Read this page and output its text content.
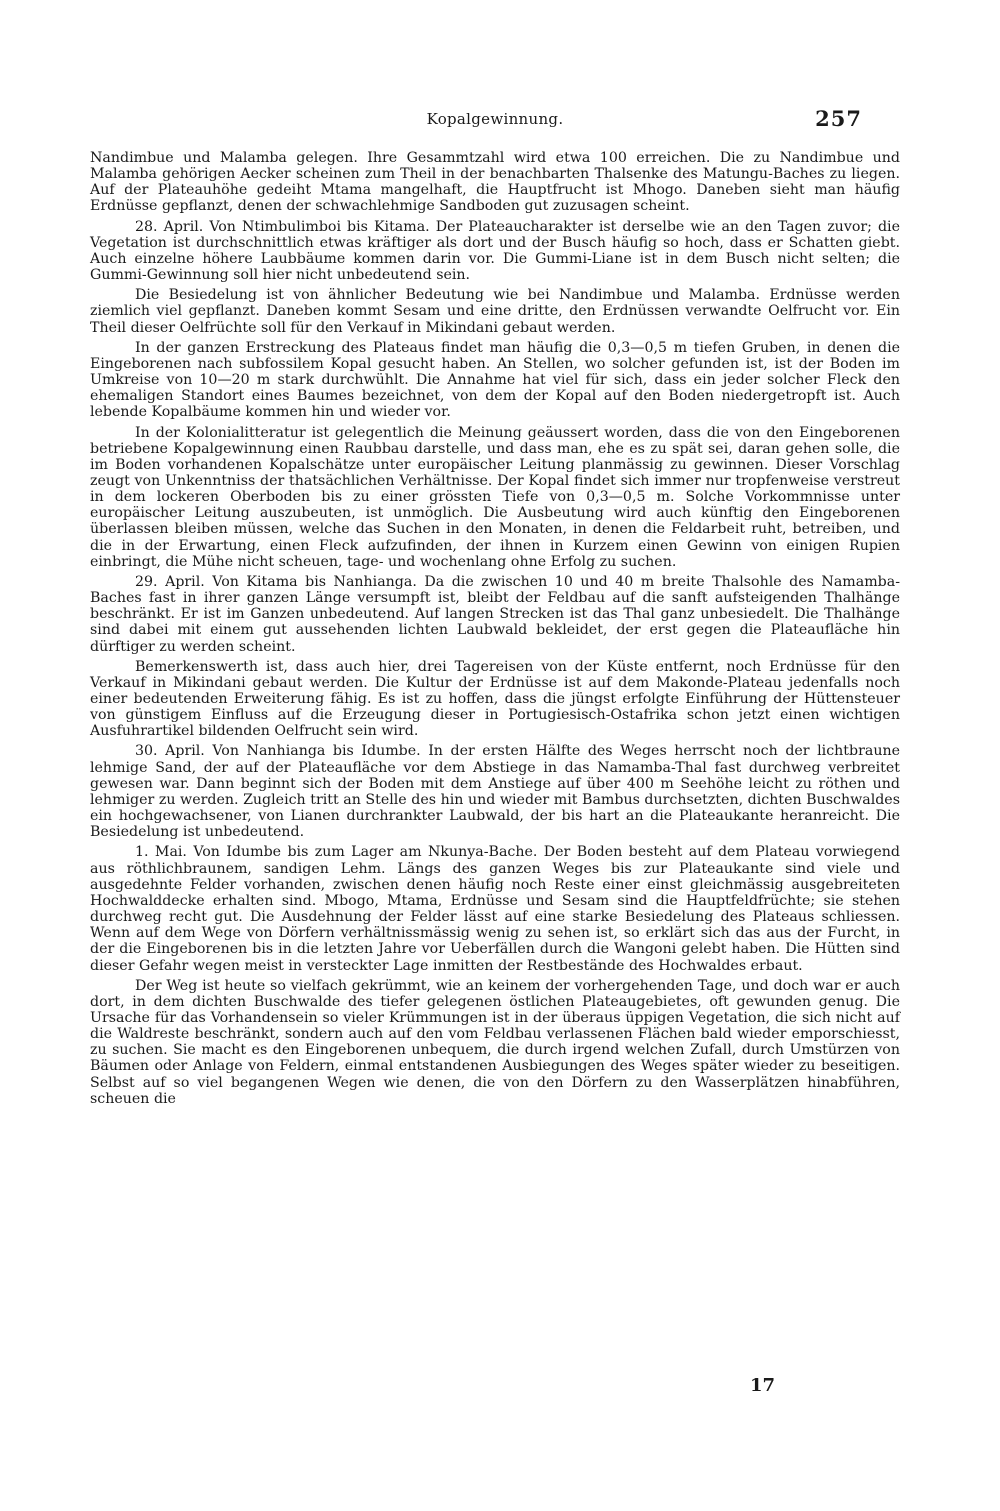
Kopalgewinnung.	257

Nandimbue und Malamba gelegen. Ihre Gesammtzahl wird etwa 100 erreichen. Die zu Nandimbue und Malamba gehörigen Aecker scheinen zum Theil in der benachbarten Thalsenke des Matungu-Baches zu liegen. Auf der Plateauhöhe gedeiht Mtama mangelhaft, die Hauptfrucht ist Mhogo. Daneben sieht man häufig Erdnüsse gepflanzt, denen der schwachlehmige Sandboden gut zuzusagen scheint.

28. April. Von Ntimbulimboi bis Kitama. Der Plateaucharakter ist derselbe wie an den Tagen zuvor; die Vegetation ist durchschnittlich etwas kräftiger als dort und der Busch häufig so hoch, dass er Schatten giebt. Auch einzelne höhere Laubbäume kommen darin vor. Die Gummi-Liane ist in dem Busch nicht selten; die Gummi-Gewinnung soll hier nicht unbedeutend sein.

Die Besiedelung ist von ähnlicher Bedeutung wie bei Nandimbue und Malamba. Erdnüsse werden ziemlich viel gepflanzt. Daneben kommt Sesam und eine dritte, den Erdnüssen verwandte Oelfrucht vor. Ein Theil dieser Oelfrüchte soll für den Verkauf in Mikindani gebaut werden.

In der ganzen Erstreckung des Plateaus findet man häufig die 0,3—0,5 m tiefen Gruben, in denen die Eingeborenen nach subfossilem Kopal gesucht haben. An Stellen, wo solcher gefunden ist, ist der Boden im Umkreise von 10—20 m stark durchwühlt. Die Annahme hat viel für sich, dass ein jeder solcher Fleck den ehemaligen Standort eines Baumes bezeichnet, von dem der Kopal auf den Boden niedergetropft ist. Auch lebende Kopalbäume kommen hin und wieder vor.

In der Kolonialitteratur ist gelegentlich die Meinung geäussert worden, dass die von den Eingeborenen betriebene Kopalgewinnung einen Raubbau darstelle, und dass man, ehe es zu spät sei, daran gehen solle, die im Boden vorhandenen Kopalschätze unter europäischer Leitung planmässig zu gewinnen. Dieser Vorschlag zeugt von Unkenntniss der thatsächlichen Verhältnisse. Der Kopal findet sich immer nur tropfenweise verstreut in dem lockeren Oberboden bis zu einer grössten Tiefe von 0,3—0,5 m. Solche Vorkommnisse unter europäischer Leitung auszubeuten, ist unmöglich. Die Ausbeutung wird auch künftig den Eingeborenen überlassen bleiben müssen, welche das Suchen in den Monaten, in denen die Feldarbeit ruht, betreiben, und die in der Erwartung, einen Fleck aufzufinden, der ihnen in Kurzem einen Gewinn von einigen Rupien einbringt, die Mühe nicht scheuen, tage- und wochenlang ohne Erfolg zu suchen.

29. April. Von Kitama bis Nanhianga. Da die zwischen 10 und 40 m breite Thalsohle des Namamba-Baches fast in ihrer ganzen Länge versumpft ist, bleibt der Feldbau auf die sanft aufsteigenden Thalhänge beschränkt. Er ist im Ganzen unbedeutend. Auf langen Strecken ist das Thal ganz unbesiedelt. Die Thalhänge sind dabei mit einem gut aussehenden lichten Laubwald bekleidet, der erst gegen die Plateaufläche hin dürftiger zu werden scheint.

Bemerkenswerth ist, dass auch hier, drei Tagereisen von der Küste entfernt, noch Erdnüsse für den Verkauf in Mikindani gebaut werden. Die Kultur der Erdnüsse ist auf dem Makonde-Plateau jedenfalls noch einer bedeutenden Erweiterung fähig. Es ist zu hoffen, dass die jüngst erfolgte Einführung der Hüttensteuer von günstigem Einfluss auf die Erzeugung dieser in Portugiesisch-Ostafrika schon jetzt einen wichtigen Ausfuhrartikel bildenden Oelfrucht sein wird.

30. April. Von Nanhianga bis Idumbe. In der ersten Hälfte des Weges herrscht noch der lichtbraune lehmige Sand, der auf der Plateaufläche vor dem Abstiege in das Namamba-Thal fast durchweg verbreitet gewesen war. Dann beginnt sich der Boden mit dem Anstiege auf über 400 m Seehöhe leicht zu röthen und lehmiger zu werden. Zugleich tritt an Stelle des hin und wieder mit Bambus durchsetzten, dichten Buschwaldes ein hochgewachsener, von Lianen durchrankter Laubwald, der bis hart an die Plateaukante heranreicht. Die Besiedelung ist unbedeutend.

1. Mai. Von Idumbe bis zum Lager am Nkunya-Bache. Der Boden besteht auf dem Plateau vorwiegend aus röthlichbraunem, sandigen Lehm. Längs des ganzen Weges bis zur Plateaukante sind viele und ausgedehnte Felder vorhanden, zwischen denen häufig noch Reste einer einst gleichmässig ausgebreiteten Hochwalddecke erhalten sind. Mbogo, Mtama, Erdnüsse und Sesam sind die Hauptfeldfrüchte; sie stehen durchweg recht gut. Die Ausdehnung der Felder lässt auf eine starke Besiedelung des Plateaus schliessen. Wenn auf dem Wege von Dörfern verhältnissmässig wenig zu sehen ist, so erklärt sich das aus der Furcht, in der die Eingeborenen bis in die letzten Jahre vor Ueberfällen durch die Wangoni gelebt haben. Die Hütten sind dieser Gefahr wegen meist in versteckter Lage inmitten der Restbestände des Hochwaldes erbaut.

Der Weg ist heute so vielfach gekrümmt, wie an keinem der vorhergehenden Tage, und doch war er auch dort, in dem dichten Buschwalde des tiefer gelegenen östlichen Plateaugebietes, oft gewunden genug. Die Ursache für das Vorhandensein so vieler Krümmungen ist in der überaus üppigen Vegetation, die sich nicht auf die Waldreste beschränkt, sondern auch auf den vom Feldbau verlassenen Flächen bald wieder emporschiesst, zu suchen. Sie macht es den Eingeborenen unbequem, die durch irgend welchen Zufall, durch Umstürzen von Bäumen oder Anlage von Feldern, einmal entstandenen Ausbiegungen des Weges später wieder zu beseitigen. Selbst auf so viel begangenen Wegen wie denen, die von den Dörfern zu den Wasserplätzen hinabführen, scheuen die

17
